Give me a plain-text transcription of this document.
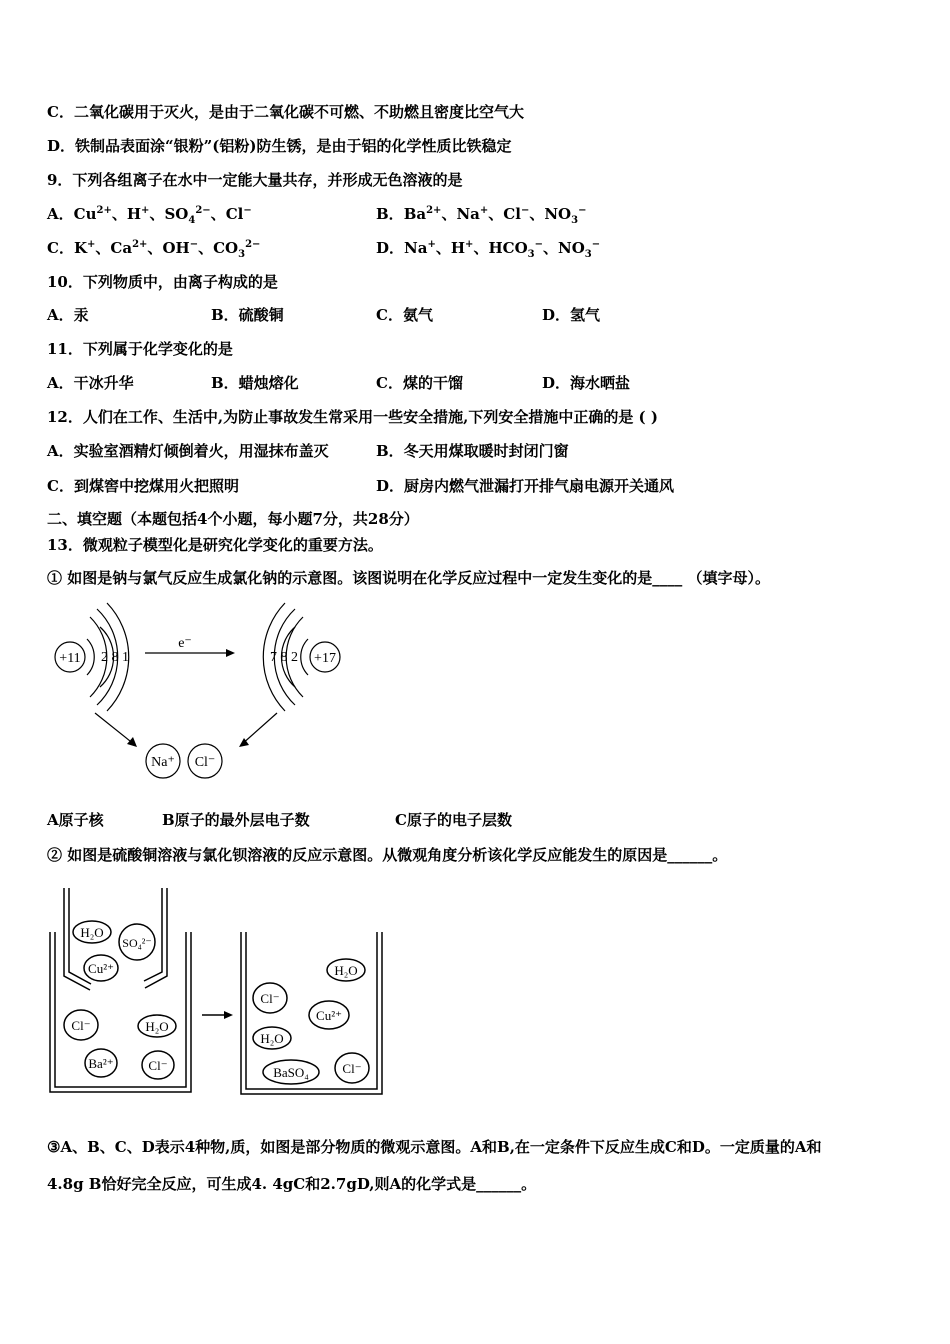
C．二氧化碳用于灭火，是由于二氧化碳不可燃、不助燃且密度比空气大
D．铁制品表面涂“银粉”(铝粉)防生锈，是由于铝的化学性质比铁稳定
9．下列各组离子在水中一定能大量共存，并形成无色溶液的是
A．$Cu^{2+}$、H+、$SO_4^{2-}$、Cl−	B．$Ba^{2+}$、Na+、Cl−、$NO_3^-$
C．K+、$Ca^{2+}$、OH−、$CO_3^{2-}$	D．Na+、H+、$HCO_3^-$、$NO_3^-$
10．下列物质中，由离子构成的是
A．汞	B．硫酸铜	C．氨气	D．氢气
11．下列属于化学变化的是
A．干冰升华	B．蜡烛熔化	C．煤的干馏	D．海水晒盐
12．人们在工作、生活中,为防止事故发生常采用一些安全措施,下列安全措施中正确的是 ( )
A．实验室酒精灯倾倒着火，用湿抹布盖灭	B．冬天用煤取暖时封闭门窗
C．到煤窖中挖煤用火把照明	D．厨房内燃气泄漏打开排气扇电源开关通风
二、填空题（本题包括4个小题，每小题7分，共28分）
13．微观粒子模型化是研究化学变化的重要方法。
① 如图是钠与氯气反应生成氯化钠的示意图。该图说明在化学反应过程中一定发生变化的是____ （填字母）。
+11 2 8 1
e⁻
7 8 2 +17
Na⁺ Cl⁻
A原子核	B原子的最外层电子数	C原子的电子层数
② 如图是硫酸铜溶液与氯化钡溶液的反应示意图。从微观角度分析该化学反应能发生的原因是______。
H₂O
SO₄²⁻
Cu²⁺
Cl⁻	H₂O
Ba²⁺	Cl⁻
H₂O
Cl⁻
Cu²⁺
H₂O
BaSO₄	Cl⁻
③A、B、C、D表示4种物,质，如图是部分物质的微观示意图。A和B,在一定条件下反应生成C和D。一定质量的A和
4.8g B恰好完全反应，可生成4. 4gC和2.7gD,则A的化学式是______。
